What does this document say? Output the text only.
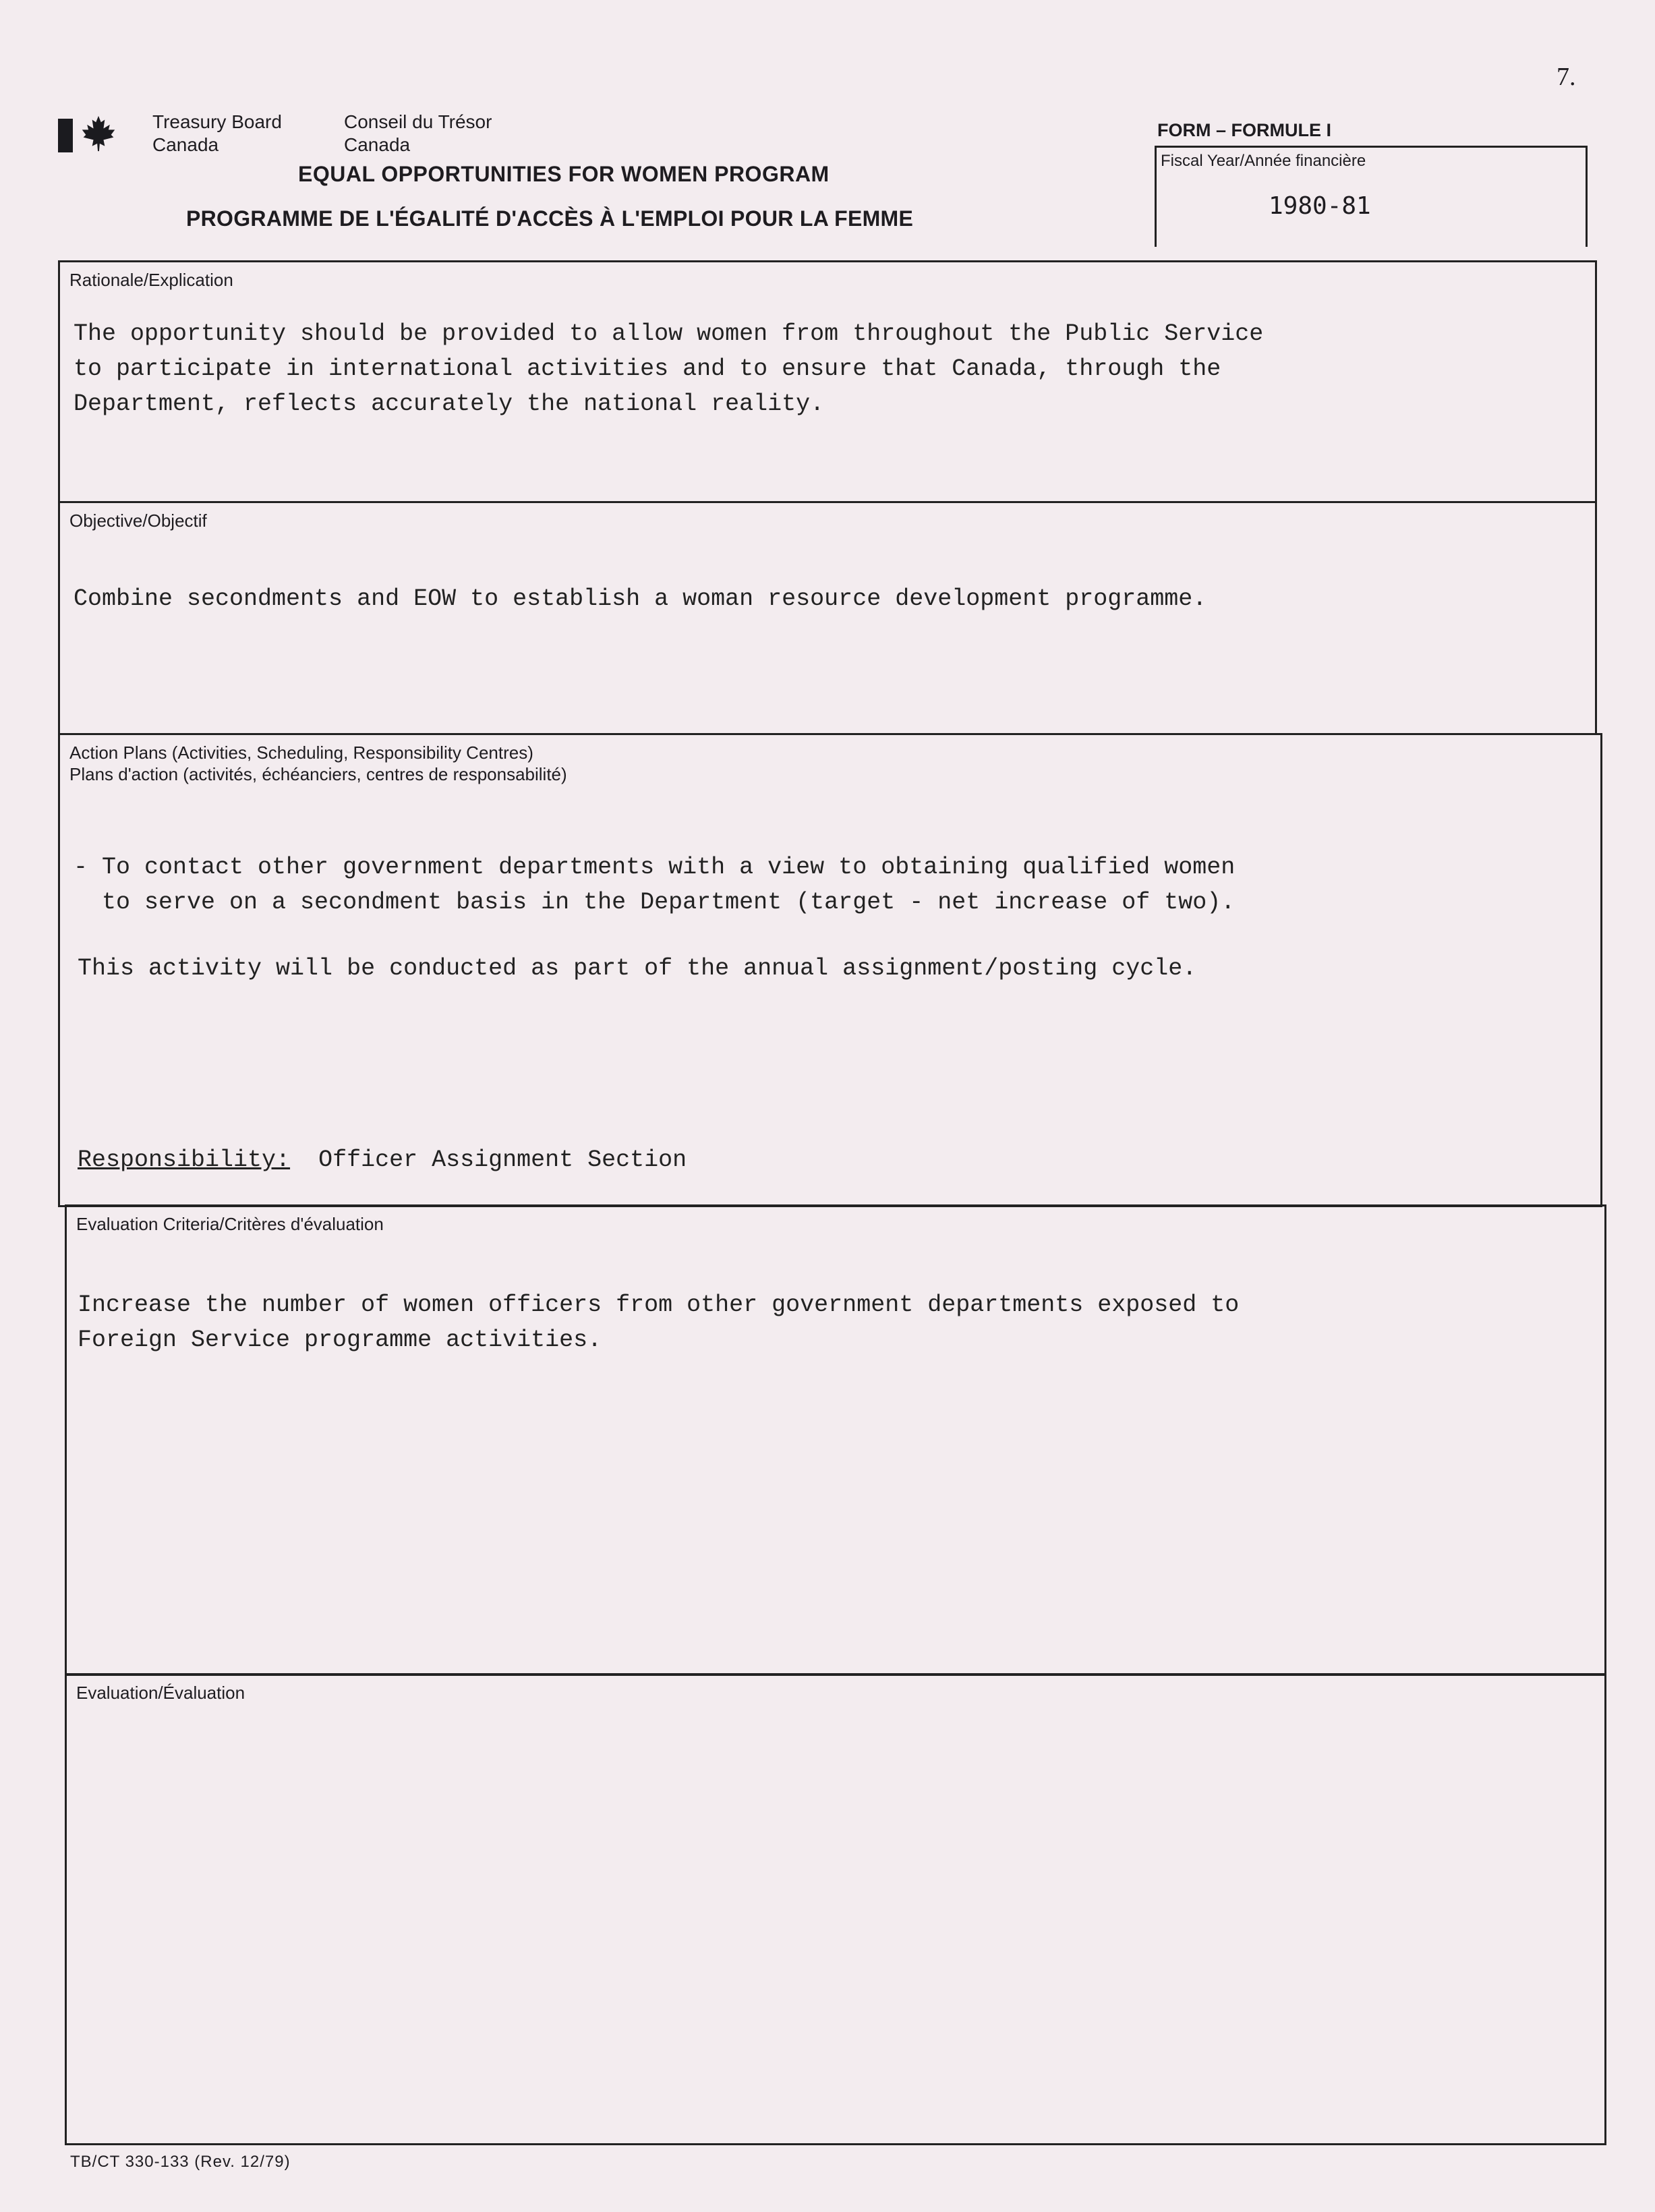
7.
Treasury Board
Canada
Conseil du Trésor
Canada
EQUAL OPPORTUNITIES FOR WOMEN PROGRAM
PROGRAMME DE L'ÉGALITÉ D'ACCÈS À L'EMPLOI POUR LA FEMME
FORM – FORMULE I
Fiscal Year/Année financière
1980-81
Rationale/Explication
The opportunity should be provided to allow women from throughout the Public Service
to participate in international activities and to ensure that Canada, through the
Department, reflects accurately the national reality.
Objective/Objectif
Combine secondments and EOW to establish a woman resource development programme.
Action Plans (Activities, Scheduling, Responsibility Centres)
Plans d'action (activités, échéanciers, centres de responsabilité)
- To contact other government departments with a view to obtaining qualified women
to serve on a secondment basis in the Department (target - net increase of two).
This activity will be conducted as part of the annual assignment/posting cycle.
Responsibility:  Officer Assignment Section
Evaluation Criteria/Critères d'évaluation
Increase the number of women officers from other government departments exposed to
Foreign Service programme activities.
Evaluation/Évaluation
TB/CT 330-133 (Rev. 12/79)
